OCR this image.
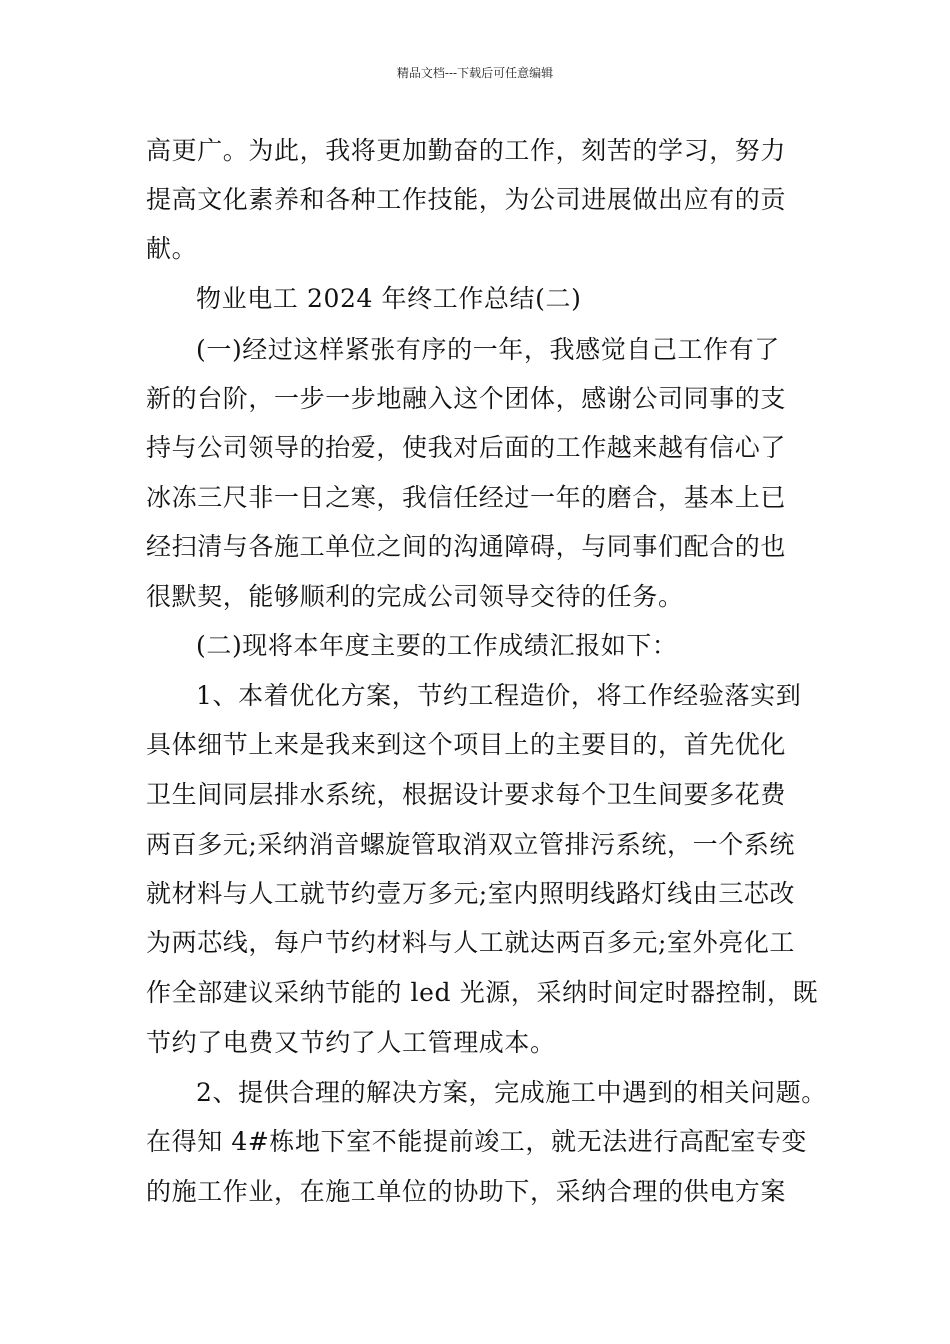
精品文档---下载后可任意编辑
高更广。为此，我将更加勤奋的工作，刻苦的学习，努力
提高文化素养和各种工作技能，为公司进展做出应有的贡
献。
物业电工 2024 年终工作总结(二)
(一)经过这样紧张有序的一年，我感觉自己工作有了
新的台阶，一步一步地融入这个团体，感谢公司同事的支
持与公司领导的抬爱，使我对后面的工作越来越有信心了
冰冻三尺非一日之寒，我信任经过一年的磨合，基本上已
经扫清与各施工单位之间的沟通障碍，与同事们配合的也
很默契，能够顺利的完成公司领导交待的任务。
(二)现将本年度主要的工作成绩汇报如下：
1、本着优化方案，节约工程造价，将工作经验落实到
具体细节上来是我来到这个项目上的主要目的，首先优化
卫生间同层排水系统，根据设计要求每个卫生间要多花费
两百多元;采纳消音螺旋管取消双立管排污系统，一个系统
就材料与人工就节约壹万多元;室内照明线路灯线由三芯改
为两芯线，每户节约材料与人工就达两百多元;室外亮化工
作全部建议采纳节能的 led 光源，采纳时间定时器控制，既
节约了电费又节约了人工管理成本。
2、提供合理的解决方案，完成施工中遇到的相关问题。
在得知 4#栋地下室不能提前竣工，就无法进行高配室专变
的施工作业，在施工单位的协助下，采纳合理的供电方案
